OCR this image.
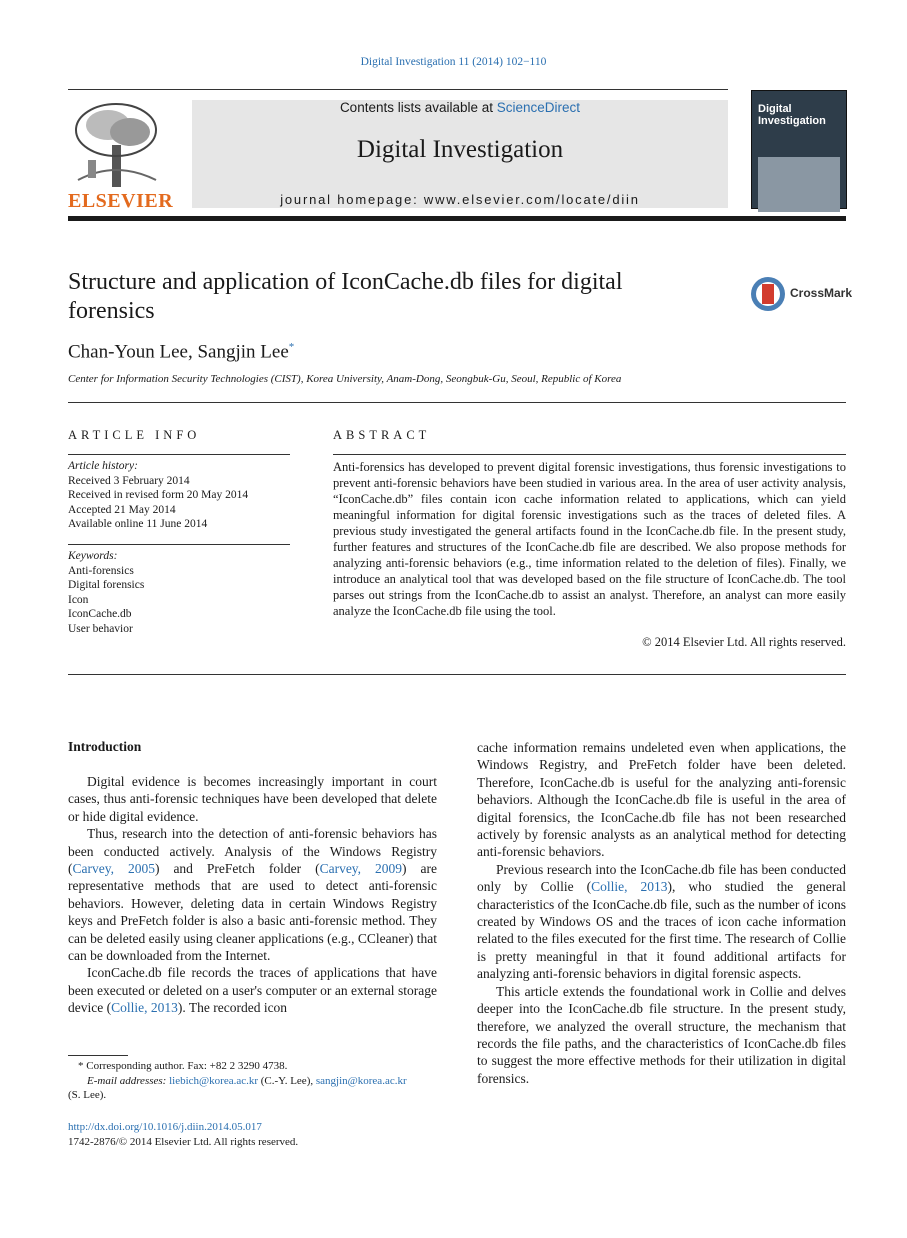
Digital Investigation 11 (2014) 102−110
ELSEVIER
Contents lists available at ScienceDirect
Digital Investigation
journal homepage: www.elsevier.com/locate/diin
Digital Investigation
Structure and application of IconCache.db files for digital forensics
CrossMark
Chan-Youn Lee, Sangjin Lee*
Center for Information Security Technologies (CIST), Korea University, Anam-Dong, Seongbuk-Gu, Seoul, Republic of Korea
ARTICLE INFO
Article history:
Received 3 February 2014
Received in revised form 20 May 2014
Accepted 21 May 2014
Available online 11 June 2014
Keywords:
Anti-forensics
Digital forensics
Icon
IconCache.db
User behavior
ABSTRACT
Anti-forensics has developed to prevent digital forensic investigations, thus forensic investigations to prevent anti-forensic behaviors have been studied in various area. In the area of user activity analysis, “IconCache.db” files contain icon cache information related to applications, which can yield meaningful information for digital forensic investigations such as the traces of deleted files. A previous study investigated the general artifacts found in the IconCache.db file. In the present study, further features and structures of the IconCache.db file are described. We also propose methods for analyzing anti-forensic behaviors (e.g., time information related to the deletion of files). Finally, we introduce an analytical tool that was developed based on the file structure of IconCache.db. The tool parses out strings from the IconCache.db to assist an analyst. Therefore, an analyst can more easily analyze the IconCache.db file using the tool.
© 2014 Elsevier Ltd. All rights reserved.
Introduction

Digital evidence is becomes increasingly important in court cases, thus anti-forensic techniques have been developed that delete or hide digital evidence.

Thus, research into the detection of anti-forensic behaviors has been conducted actively. Analysis of the Windows Registry (Carvey, 2005) and PreFetch folder (Carvey, 2009) are representative methods that are used to detect anti-forensic behaviors. However, deleting data in certain Windows Registry keys and PreFetch folder is also a basic anti-forensic method. They can be deleted easily using cleaner applications (e.g., CCleaner) that can be downloaded from the Internet.

IconCache.db file records the traces of applications that have been executed or deleted on a user's computer or an external storage device (Collie, 2013). The recorded icon

cache information remains undeleted even when applications, the Windows Registry, and PreFetch folder have been deleted. Therefore, IconCache.db is useful for the analyzing anti-forensic behaviors. Although the IconCache.db file is useful in the area of digital forensics, the IconCache.db file has not been researched actively by forensic analysts as an analytical method for detecting anti-forensic behaviors.

Previous research into the IconCache.db file has been conducted only by Collie (Collie, 2013), who studied the general characteristics of the IconCache.db file, such as the number of icons created by Windows OS and the traces of icon cache information related to the files executed for the first time. The research of Collie is pretty meaningful in that it found additional artifacts for analyzing anti-forensic behaviors in digital forensic aspects.

This article extends the foundational work in Collie and delves deeper into the IconCache.db file structure. In the present study, therefore, we analyzed the overall structure, the mechanism that records the file paths, and the characteristics of IconCache.db files to suggest the more effective methods for their utilization in digital forensics.

* Corresponding author. Fax: +82 2 3290 4738.
E-mail addresses: liebich@korea.ac.kr (C.-Y. Lee), sangjin@korea.ac.kr
(S. Lee).
http://dx.doi.org/10.1016/j.diin.2014.05.017
1742-2876/© 2014 Elsevier Ltd. All rights reserved.
